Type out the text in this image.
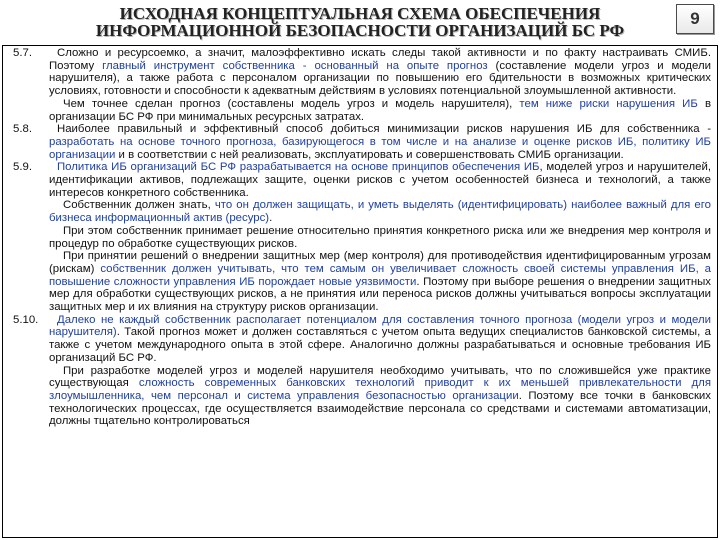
ИСХОДНАЯ КОНЦЕПТУАЛЬНАЯ СХЕМА ОБЕСПЕЧЕНИЯ
ИНФОРМАЦИОННОЙ БЕЗОПАСНОСТИ ОРГАНИЗАЦИЙ БС РФ
9

5.7. Сложно и ресурсоемко, а значит, малоэффективно искать следы такой активности и по факту настраивать СМИБ. Поэтому главный инструмент собственника - основанный на опыте прогноз (составление модели угроз и модели нарушителя), а также работа с персоналом организации по повышению его бдительности в возможных критических условиях, готовности и способности к адекватным действиям в условиях потенциальной злоумышленной активности.

Чем точнее сделан прогноз (составлены модель угроз и модель нарушителя), тем ниже риски нарушения ИБ в организации БС РФ при минимальных ресурсных затратах.

5.8. Наиболее правильный и эффективный способ добиться минимизации рисков нарушения ИБ для собственника - разработать на основе точного прогноза, базирующегося в том числе и на анализе и оценке рисков ИБ, политику ИБ организации и в соответствии с ней реализовать, эксплуатировать и совершенствовать СМИБ организации.

5.9. Политика ИБ организаций БС РФ разрабатывается на основе принципов обеспечения ИБ, моделей угроз и нарушителей, идентификации активов, подлежащих защите, оценки рисков с учетом особенностей бизнеса и технологий, а также интересов конкретного собственника.

Собственник должен знать, что он должен защищать, и уметь выделять (идентифицировать) наиболее важный для его бизнеса информационный актив (ресурс).

При этом собственник принимает решение относительно принятия конкретного риска или же внедрения мер контроля и процедур по обработке существующих рисков.

При принятии решений о внедрении защитных мер (мер контроля) для противодействия идентифицированным угрозам (рискам) собственник должен учитывать, что тем самым он увеличивает сложность своей системы управления ИБ, а повышение сложности управления ИБ порождает новые уязвимости. Поэтому при выборе решения о внедрении защитных мер для обработки существующих рисков, а не принятия или переноса рисков должны учитываться вопросы эксплуатации защитных мер и их влияния на структуру рисков организации.

5.10. Далеко не каждый собственник располагает потенциалом для составления точного прогноза (модели угроз и модели нарушителя). Такой прогноз может и должен составляться с учетом опыта ведущих специалистов банковской системы, а также с учетом международного опыта в этой сфере. Аналогично должны разрабатываться и основные требования ИБ организаций БС РФ.

При разработке моделей угроз и моделей нарушителя необходимо учитывать, что по сложившейся уже практике существующая сложность современных банковских технологий приводит к их меньшей привлекательности для злоумышленника, чем персонал и система управления безопасностью организации. Поэтому все точки в банковских технологических процессах, где осуществляется взаимодействие персонала со средствами и системами автоматизации, должны тщательно контролироваться
